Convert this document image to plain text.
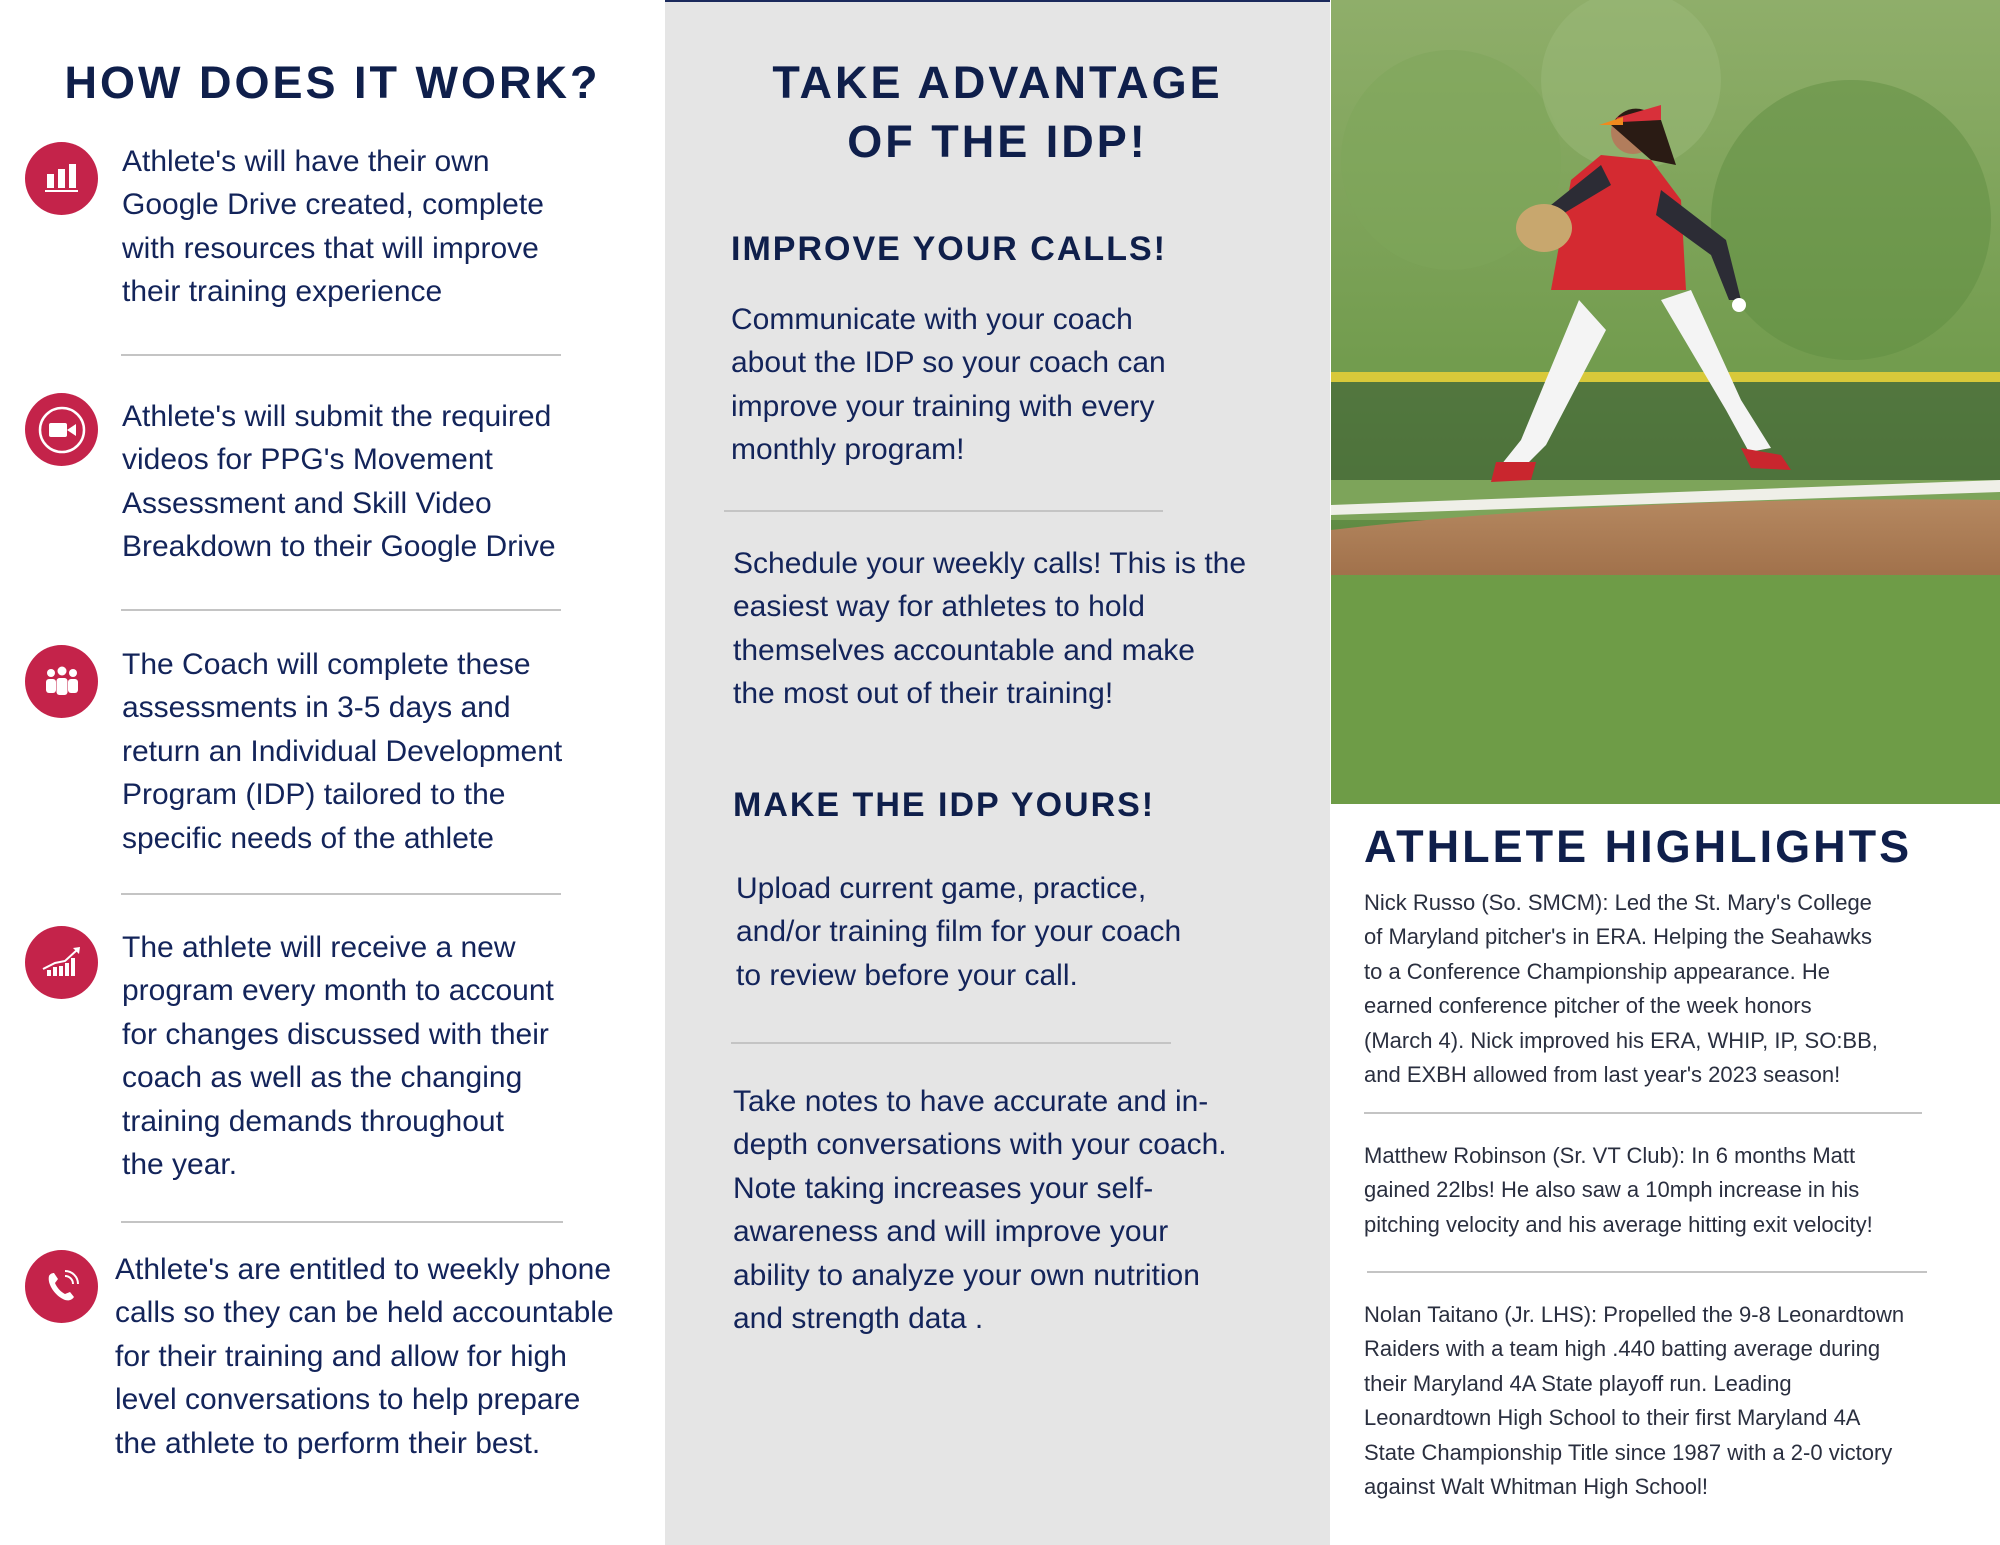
HOW DOES IT WORK?
Athlete's will have their own
Google Drive created, complete
with resources that will improve
their training experience
Athlete's will submit the required
videos for PPG's Movement
Assessment and Skill Video
Breakdown to their Google Drive
The Coach will complete these
assessments in 3-5 days and
return an Individual Development
Program (IDP) tailored to the
specific needs of the athlete
The athlete will receive a new
program every month to account
for changes discussed with their
coach as well as the changing
training demands throughout
the year.
Athlete's are entitled to weekly phone
calls so they can be held accountable
for their training and allow for high
level conversations to help prepare
the athlete to perform their best.
TAKE ADVANTAGE
OF THE IDP!
IMPROVE YOUR CALLS!
Communicate with your coach
about the IDP so your coach can
improve your training with every
monthly program!
Schedule your weekly calls! This is the
easiest way for athletes to hold
themselves accountable and make
the most out of their training!
MAKE THE IDP YOURS!
Upload current game, practice,
and/or training film for your coach
to review before your call.
Take notes to have accurate and in-
depth conversations with your coach.
Note taking increases your self-
awareness and will improve your
ability to analyze your own nutrition
and strength data .
ATHLETE HIGHLIGHTS
Nick Russo (So. SMCM): Led the St. Mary's College
of Maryland pitcher's in ERA. Helping the Seahawks
to a Conference Championship appearance. He
earned conference pitcher of the week honors
(March 4). Nick improved his ERA, WHIP, IP, SO:BB,
and EXBH allowed from last year's 2023 season!
Matthew Robinson (Sr. VT Club): In 6 months Matt
gained 22lbs! He also saw a 10mph increase in his
pitching velocity and his average hitting exit velocity!
Nolan Taitano (Jr. LHS): Propelled the 9-8 Leonardtown
Raiders with a team high .440 batting average during
their Maryland 4A State playoff run. Leading
Leonardtown High School to their first Maryland 4A
State Championship Title since 1987 with a 2-0 victory
against Walt Whitman High School!
